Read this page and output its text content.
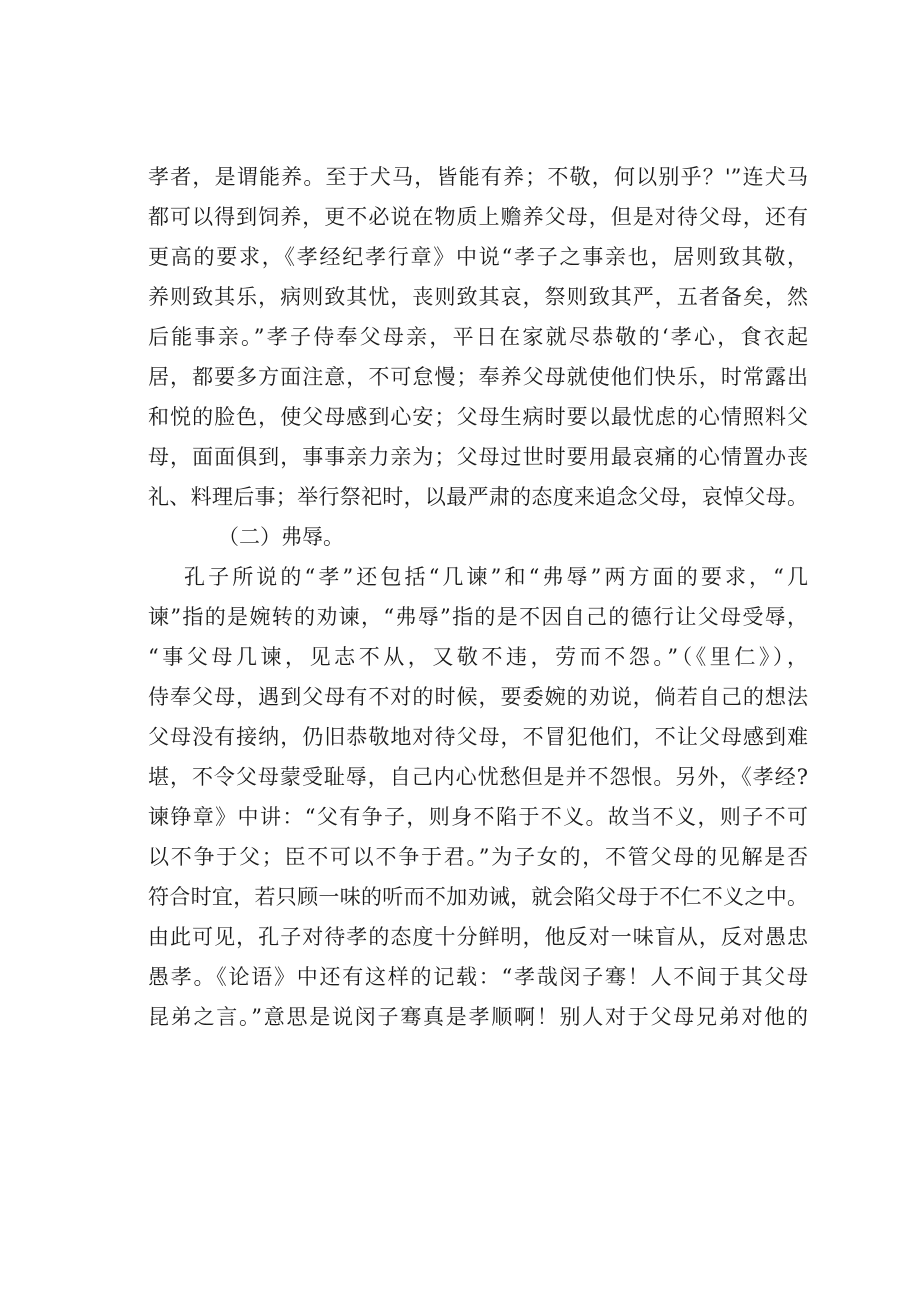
孝者，是谓能养。至于犬马，皆能有养；不敬，何以别乎？'”连犬马
都可以得到饲养，更不必说在物质上赡养父母，但是对待父母，还有
更高的要求，《孝经纪孝行章》中说“孝子之事亲也，居则致其敬，
养则致其乐，病则致其忧，丧则致其哀，祭则致其严，五者备矣，然
后能事亲。”孝子侍奉父母亲，平日在家就尽恭敬的‘孝心，食衣起
居，都要多方面注意，不可怠慢；奉养父母就使他们快乐，时常露出
和悦的脸色，使父母感到心安；父母生病时要以最忧虑的心情照料父
母，面面俱到，事事亲力亲为；父母过世时要用最哀痛的心情置办丧
礼、料理后事；举行祭祀时，以最严肃的态度来追念父母，哀悼父母。
（二）弗辱。
孔子所说的“孝”还包括“几谏”和“弗辱”两方面的要求，“几
谏”指的是婉转的劝谏，“弗辱”指的是不因自己的德行让父母受辱，
“事父母几谏，见志不从，又敬不违，劳而不怨。”（《里仁》），
侍奉父母，遇到父母有不对的时候，要委婉的劝说，倘若自己的想法
父母没有接纳，仍旧恭敬地对待父母，不冒犯他们，不让父母感到难
堪，不令父母蒙受耻辱，自己内心忧愁但是并不怨恨。另外，《孝经?
谏铮章》中讲：“父有争子，则身不陷于不义。故当不义，则子不可
以不争于父；臣不可以不争于君。”为子女的，不管父母的见解是否
符合时宜，若只顾一味的听而不加劝诫，就会陷父母于不仁不义之中。
由此可见，孔子对待孝的态度十分鲜明，他反对一味盲从，反对愚忠
愚孝。《论语》中还有这样的记载：“孝哉闵子骞！人不间于其父母
昆弟之言。”意思是说闵子骞真是孝顺啊！别人对于父母兄弟对他的
